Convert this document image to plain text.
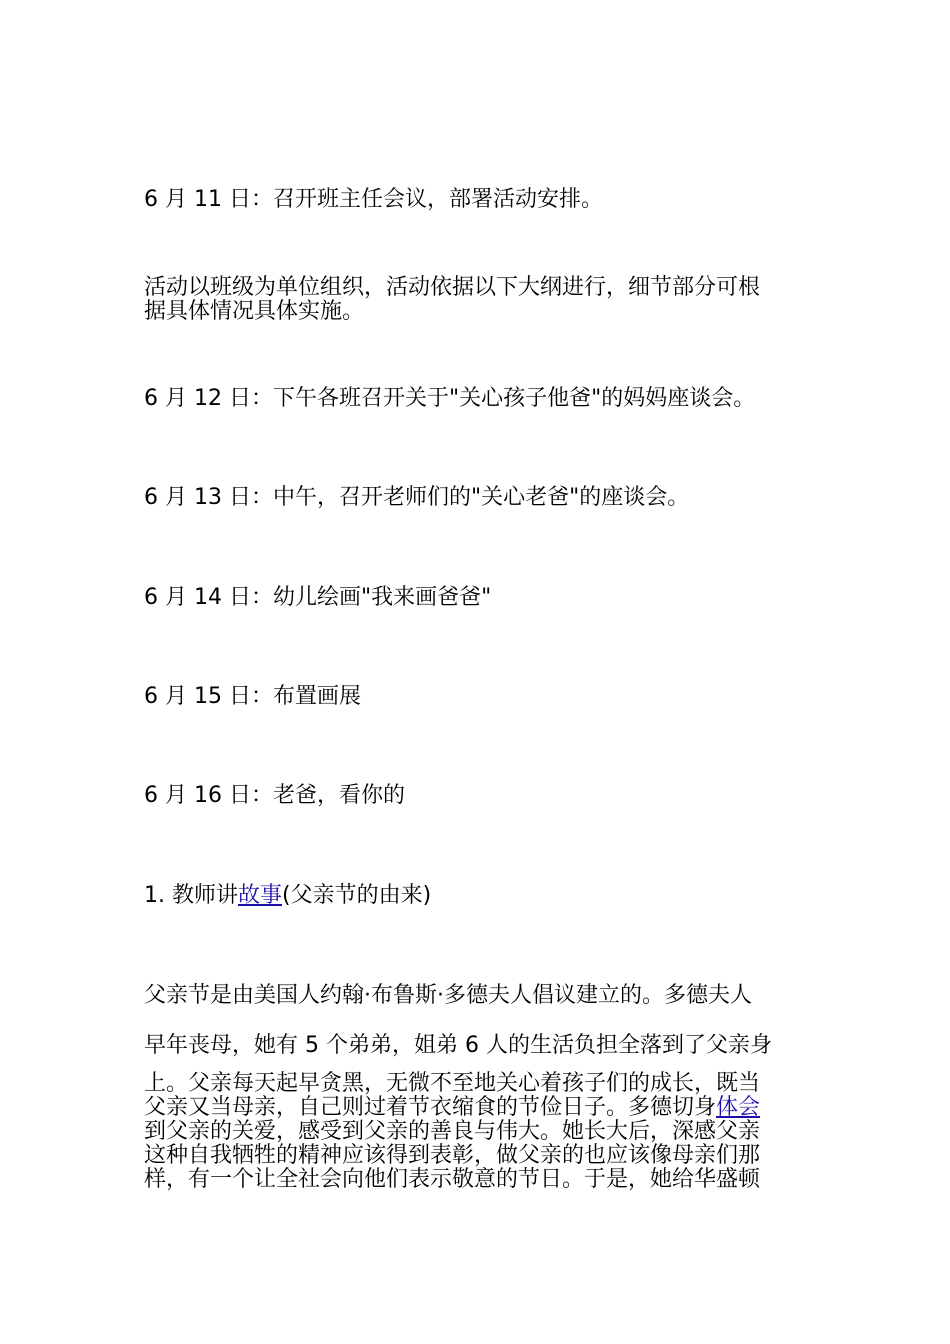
6 月 11 日：召开班主任会议，部署活动安排。
活动以班级为单位组织，活动依据以下大纲进行，细节部分可根
据具体情况具体实施。
6 月 12 日：下午各班召开关于"关心孩子他爸"的妈妈座谈会。
6 月 13 日：中午，召开老师们的"关心老爸"的座谈会。
6 月 14 日：幼儿绘画"我来画爸爸"
6 月 15 日：布置画展
6 月 16 日：老爸，看你的
1. 教师讲故事(父亲节的由来)
父亲节是由美国人约翰·布鲁斯·多德夫人倡议建立的。多德夫人
早年丧母，她有 5 个弟弟，姐弟 6 人的生活负担全落到了父亲身
上。父亲每天起早贪黑，无微不至地关心着孩子们的成长，既当
父亲又当母亲，自己则过着节衣缩食的节俭日子。多德切身体会
到父亲的关爱，感受到父亲的善良与伟大。她长大后，深感父亲
这种自我牺牲的精神应该得到表彰，做父亲的也应该像母亲们那
样，有一个让全社会向他们表示敬意的节日。于是，她给华盛顿
